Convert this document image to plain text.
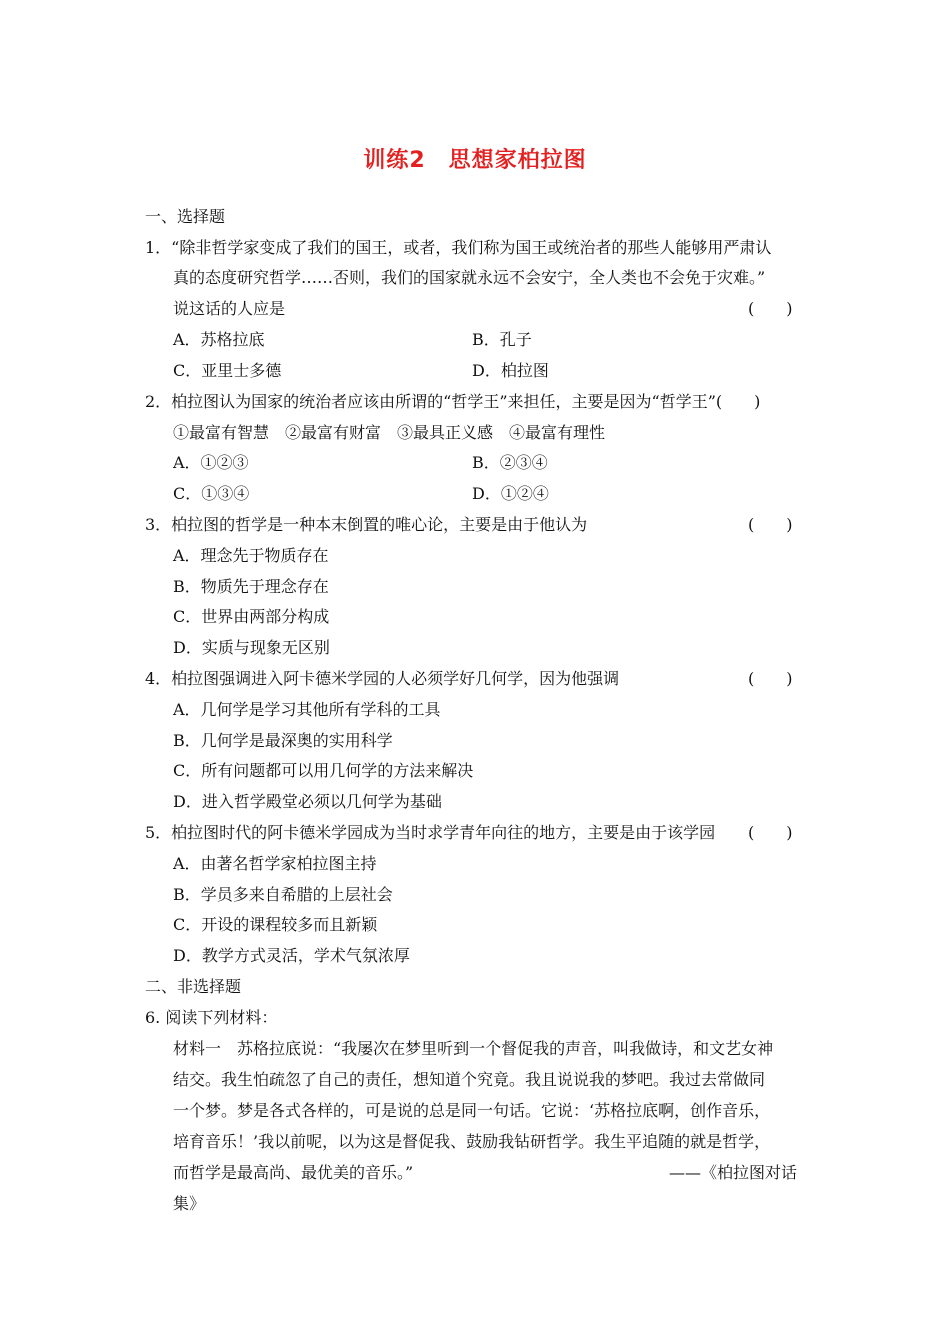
训练2　思想家柏拉图
一、选择题
1．“除非哲学家变成了我们的国王，或者，我们称为国王或统治者的那些人能够用严肃认
真的态度研究哲学……否则，我们的国家就永远不会安宁，全人类也不会免于灾难。”
说这话的人应是	(　　)
A．苏格拉底	B．孔子
C．亚里士多德	D．柏拉图
2．柏拉图认为国家的统治者应该由所谓的“哲学王”来担任，主要是因为“哲学王”(　　)
①最富有智慧　②最富有财富　③最具正义感　④最富有理性
A．①②③	B．②③④
C．①③④	D．①②④
3．柏拉图的哲学是一种本末倒置的唯心论，主要是由于他认为	(　　)
A．理念先于物质存在
B．物质先于理念存在
C．世界由两部分构成
D．实质与现象无区别
4．柏拉图强调进入阿卡德米学园的人必须学好几何学，因为他强调	(　　)
A．几何学是学习其他所有学科的工具
B．几何学是最深奥的实用科学
C．所有问题都可以用几何学的方法来解决
D．进入哲学殿堂必须以几何学为基础
5．柏拉图时代的阿卡德米学园成为当时求学青年向往的地方，主要是由于该学园 (　　)
A．由著名哲学家柏拉图主持
B．学员多来自希腊的上层社会
C．开设的课程较多而且新颖
D．教学方式灵活，学术气氛浓厚
二、非选择题
6. 阅读下列材料：
材料一　苏格拉底说：“我屡次在梦里听到一个督促我的声音，叫我做诗，和文艺女神
结交。我生怕疏忽了自己的责任，想知道个究竟。我且说说我的梦吧。我过去常做同
一个梦。梦是各式各样的，可是说的总是同一句话。它说：‘苏格拉底啊，创作音乐，
培育音乐！’我以前呢，以为这是督促我、鼓励我钻研哲学。我生平追随的就是哲学，
而哲学是最高尚、最优美的音乐。”	——《柏拉图对话
集》
